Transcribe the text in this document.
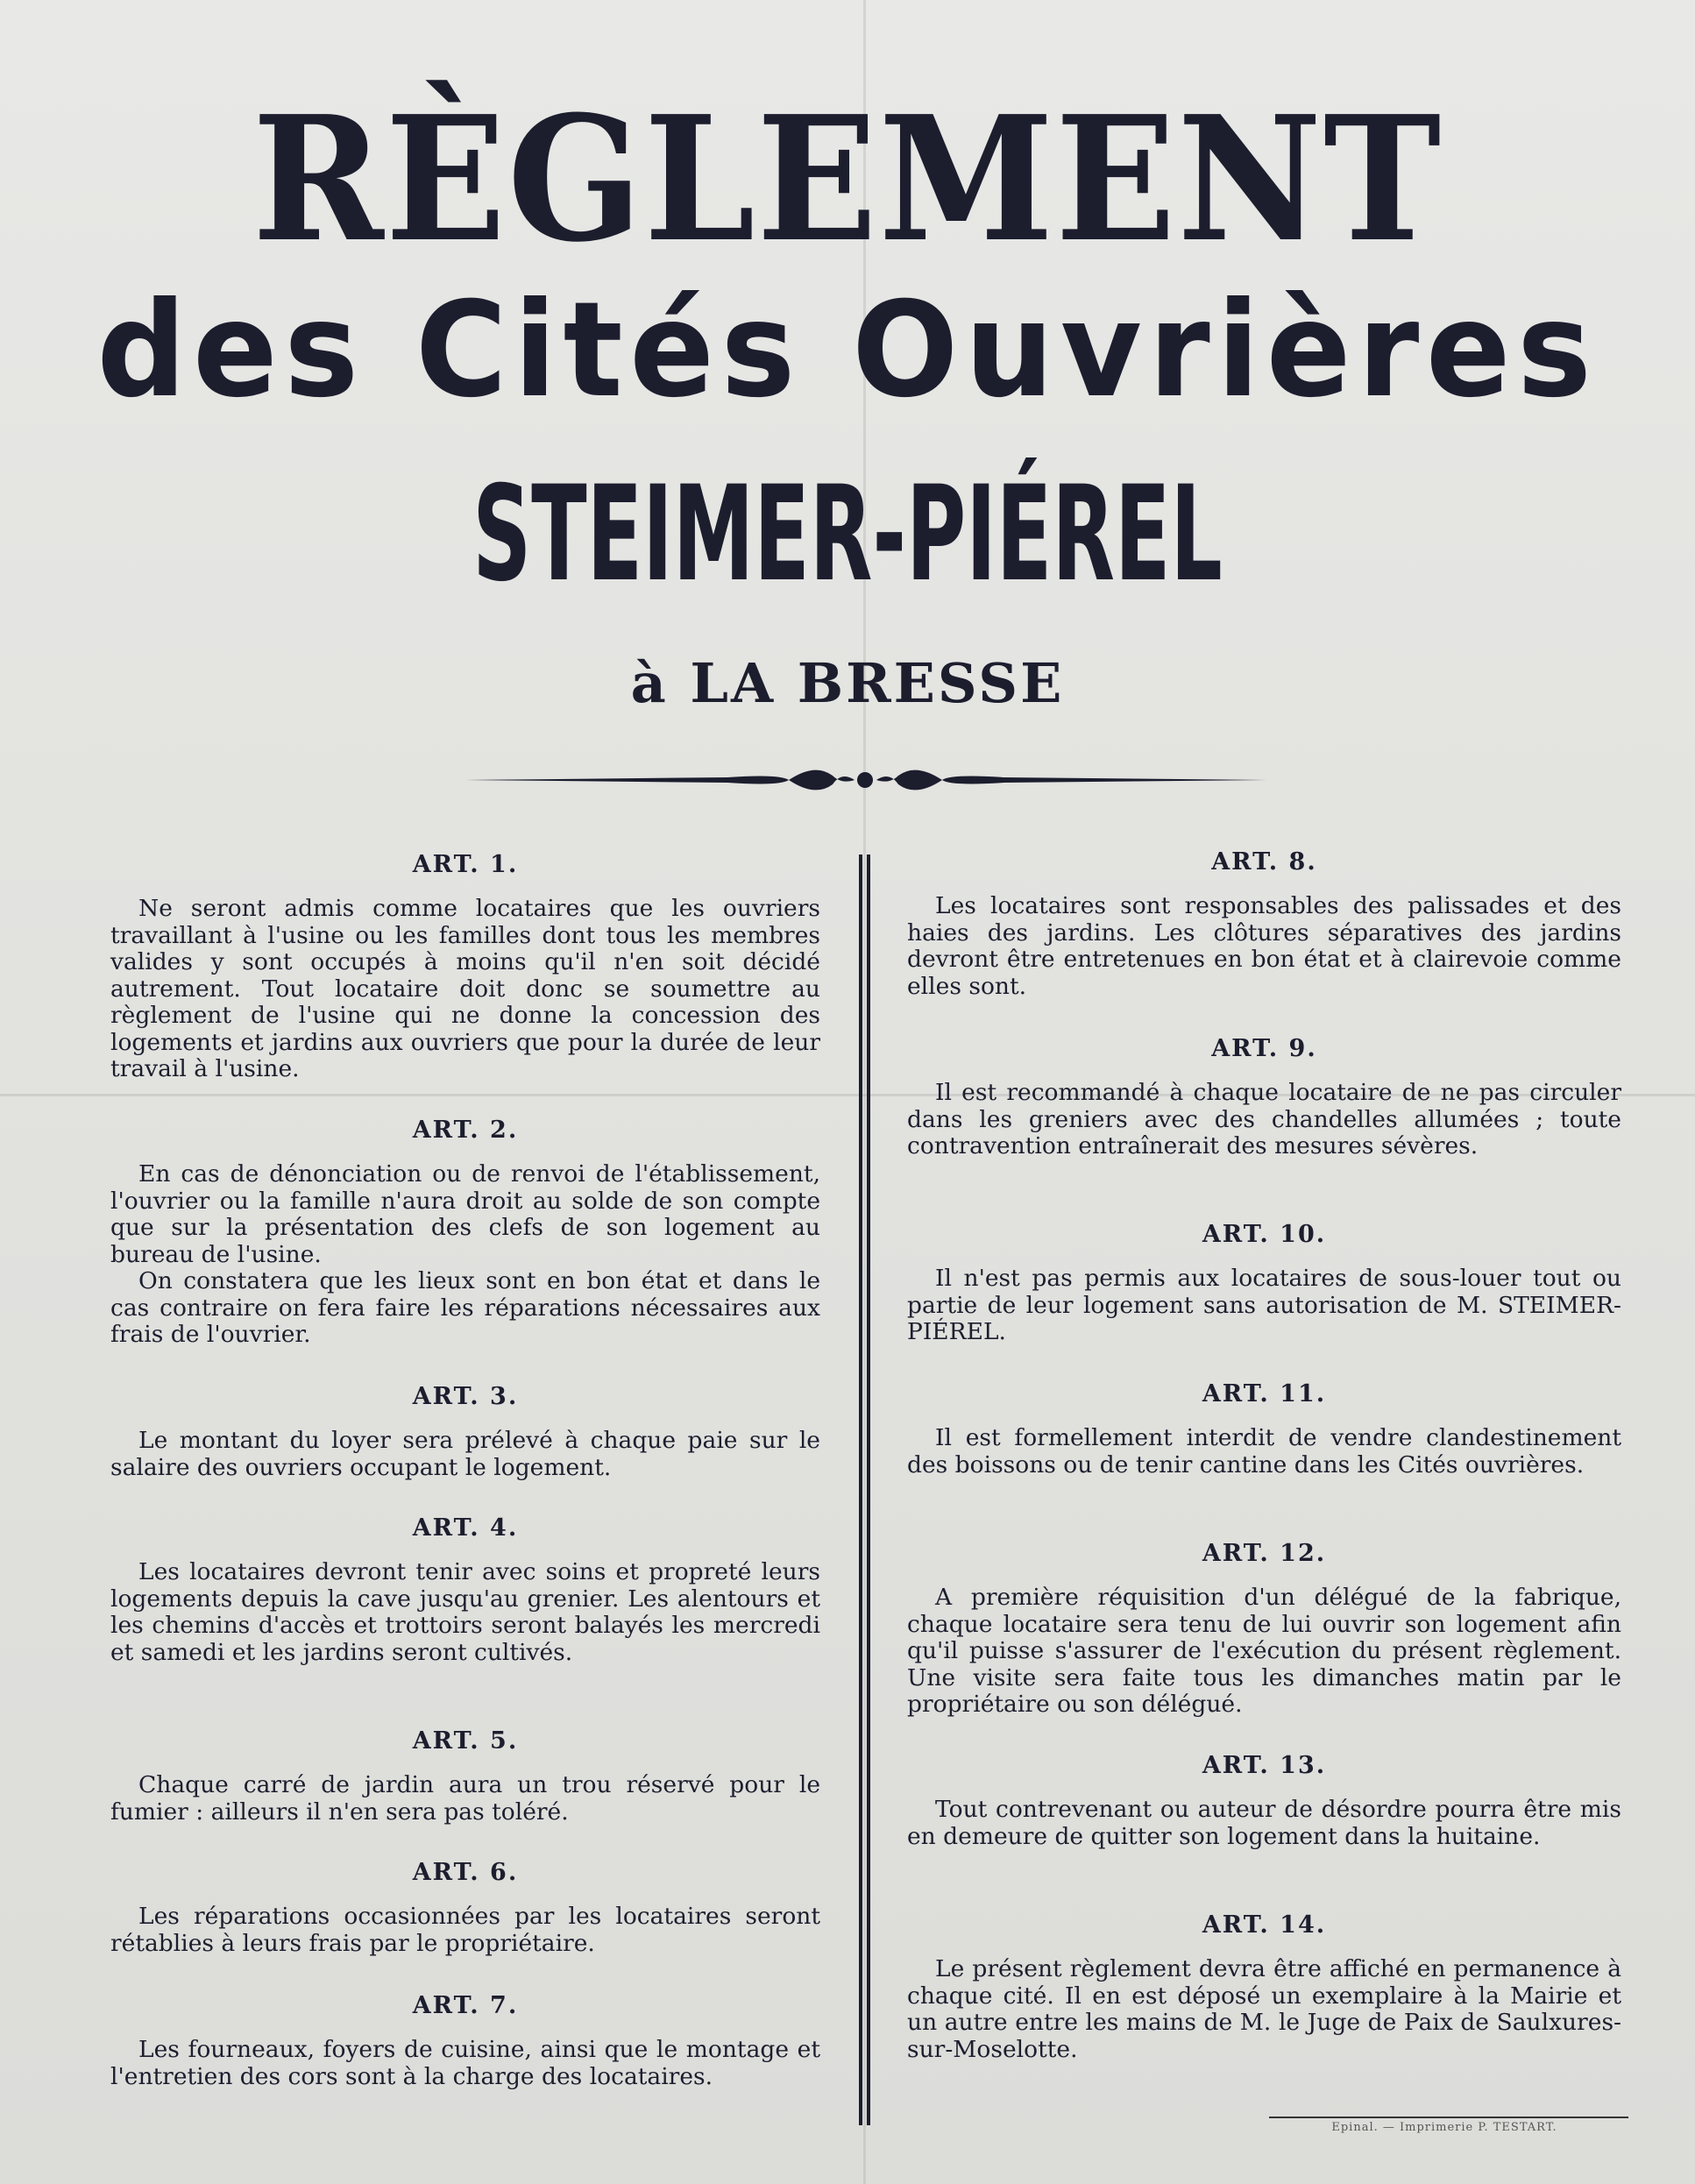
RÈGLEMENT
des Cités Ouvrières
STEIMER-PIÉREL
à LA BRESSE
ART. 1.

Ne seront admis comme locataires que les ouvriers travaillant à l'usine ou les familles dont tous les membres valides y sont occupés à moins qu'il n'en soit décidé autrement. Tout locataire doit donc se soumettre au règlement de l'usine qui ne donne la concession des logements et jardins aux ouvriers que pour la durée de leur travail à l'usine.

ART. 2.

En cas de dénonciation ou de renvoi de l'établissement, l'ouvrier ou la famille n'aura droit au solde de son compte que sur la présentation des clefs de son logement au bureau de l'usine.

On constatera que les lieux sont en bon état et dans le cas contraire on fera faire les réparations nécessaires aux frais de l'ouvrier.

ART. 3.

Le montant du loyer sera prélevé à chaque paie sur le salaire des ouvriers occupant le logement.

ART. 4.

Les locataires devront tenir avec soins et propreté leurs logements depuis la cave jusqu'au grenier. Les alentours et les chemins d'accès et trottoirs seront balayés les mercredi et samedi et les jardins seront cultivés.

ART. 5.

Chaque carré de jardin aura un trou réservé pour le fumier : ailleurs il n'en sera pas toléré.

ART. 6.

Les réparations occasionnées par les locataires seront rétablies à leurs frais par le propriétaire.

ART. 7.

Les fourneaux, foyers de cuisine, ainsi que le montage et l'entretien des cors sont à la charge des locataires.

ART. 8.

Les locataires sont responsables des palissades et des haies des jardins. Les clôtures séparatives des jardins devront être entretenues en bon état et à clairevoie comme elles sont.

ART. 9.

Il est recommandé à chaque locataire de ne pas circuler dans les greniers avec des chandelles allumées ; toute contravention entraînerait des mesures sévères.

ART. 10.

Il n'est pas permis aux locataires de sous-louer tout ou partie de leur logement sans autorisation de M. STEIMER-PIÉREL.

ART. 11.

Il est formellement interdit de vendre clandestinement des boissons ou de tenir cantine dans les Cités ouvrières.

ART. 12.

A première réquisition d'un délégué de la fabrique, chaque locataire sera tenu de lui ouvrir son logement afin qu'il puisse s'assurer de l'exécution du présent règlement. Une visite sera faite tous les dimanches matin par le propriétaire ou son délégué.

ART. 13.

Tout contrevenant ou auteur de désordre pourra être mis en demeure de quitter son logement dans la huitaine.

ART. 14.

Le présent règlement devra être affiché en permanence à chaque cité. Il en est déposé un exemplaire à la Mairie et un autre entre les mains de M. le Juge de Paix de Saulxures-sur-Moselotte.

Epinal. — Imprimerie P. TESTART.
